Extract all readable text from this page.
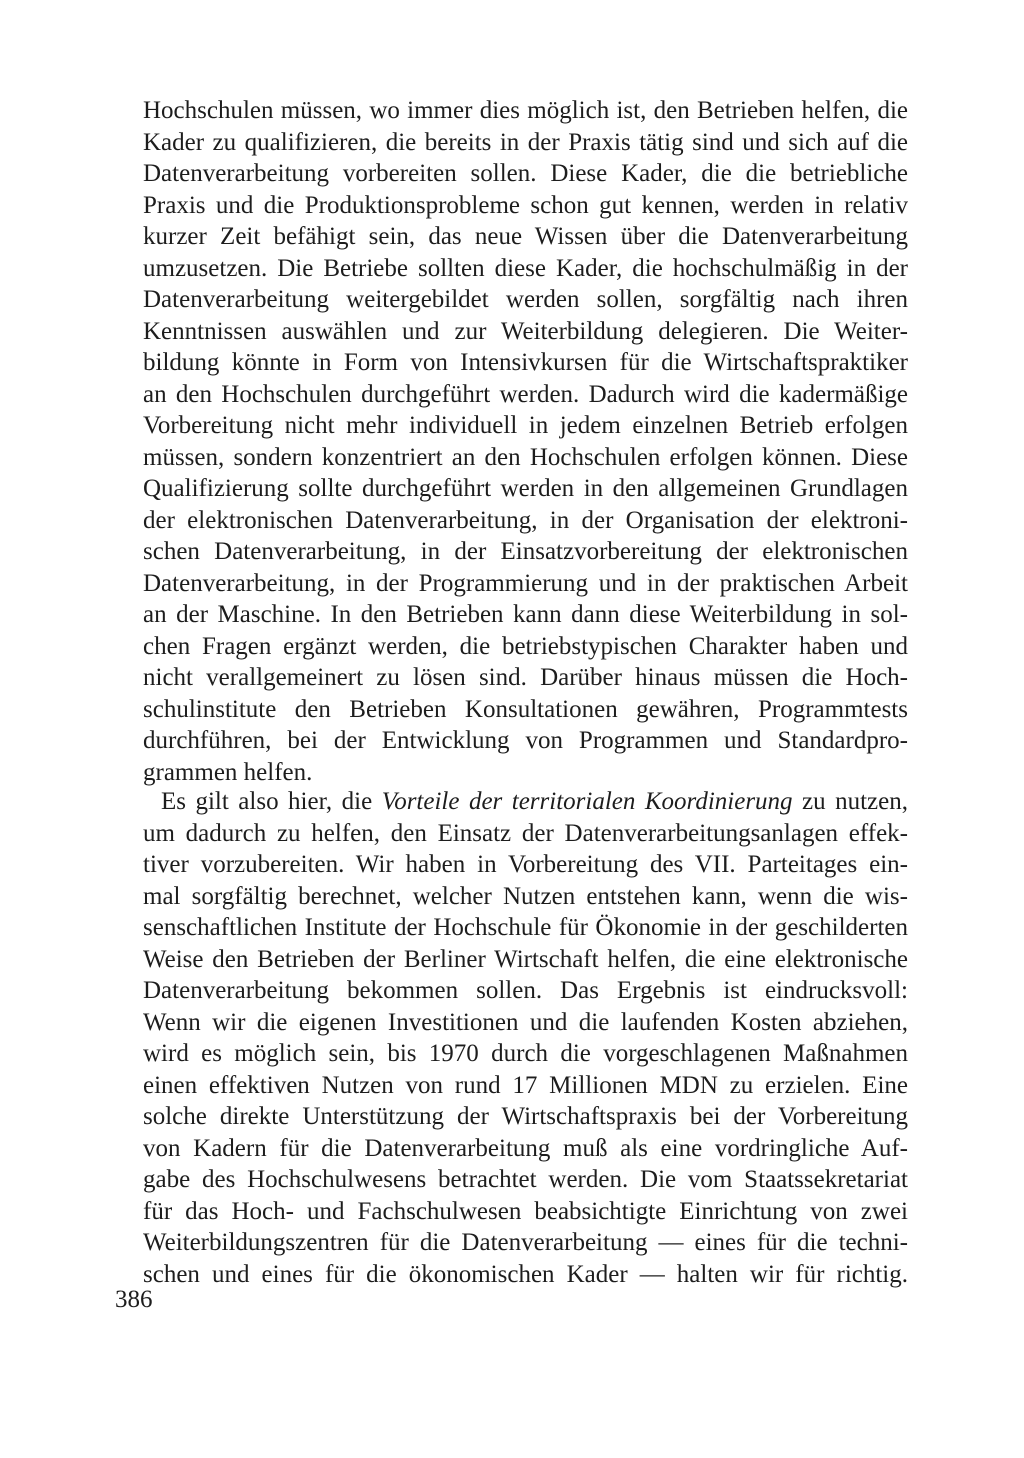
Hochschulen müssen, wo immer dies möglich ist, den Betrieben helfen, die
Kader zu qualifizieren, die bereits in der Praxis tätig sind und sich auf die
Datenverarbeitung vorbereiten sollen. Diese Kader, die die betriebliche
Praxis und die Produktionsprobleme schon gut kennen, werden in relativ
kurzer Zeit befähigt sein, das neue Wissen über die Datenverarbeitung
umzusetzen. Die Betriebe sollten diese Kader, die hochschulmäßig in der
Datenverarbeitung weitergebildet werden sollen, sorgfältig nach ihren
Kenntnissen auswählen und zur Weiterbildung delegieren. Die Weiter-
bildung könnte in Form von Intensivkursen für die Wirtschaftspraktiker
an den Hochschulen durchgeführt werden. Dadurch wird die kadermäßige
Vorbereitung nicht mehr individuell in jedem einzelnen Betrieb erfolgen
müssen, sondern konzentriert an den Hochschulen erfolgen können. Diese
Qualifizierung sollte durchgeführt werden in den allgemeinen Grundlagen
der elektronischen Datenverarbeitung, in der Organisation der elektroni-
schen Datenverarbeitung, in der Einsatzvorbereitung der elektronischen
Datenverarbeitung, in der Programmierung und in der praktischen Arbeit
an der Maschine. In den Betrieben kann dann diese Weiterbildung in sol-
chen Fragen ergänzt werden, die betriebstypischen Charakter haben und
nicht verallgemeinert zu lösen sind. Darüber hinaus müssen die Hoch-
schulinstitute den Betrieben Konsultationen gewähren, Programmtests
durchführen, bei der Entwicklung von Programmen und Standardpro-
grammen helfen.
Es gilt also hier, die Vorteile der territorialen Koordinierung zu nutzen,
um dadurch zu helfen, den Einsatz der Datenverarbeitungsanlagen effek-
tiver vorzubereiten. Wir haben in Vorbereitung des VII. Parteitages ein-
mal sorgfältig berechnet, welcher Nutzen entstehen kann, wenn die wis-
senschaftlichen Institute der Hochschule für Ökonomie in der geschilderten
Weise den Betrieben der Berliner Wirtschaft helfen, die eine elektronische
Datenverarbeitung bekommen sollen. Das Ergebnis ist eindrucksvoll:
Wenn wir die eigenen Investitionen und die laufenden Kosten abziehen,
wird es möglich sein, bis 1970 durch die vorgeschlagenen Maßnahmen
einen effektiven Nutzen von rund 17 Millionen MDN zu erzielen. Eine
solche direkte Unterstützung der Wirtschaftspraxis bei der Vorbereitung
von Kadern für die Datenverarbeitung muß als eine vordringliche Auf-
gabe des Hochschulwesens betrachtet werden. Die vom Staatssekretariat
für das Hoch- und Fachschulwesen beabsichtigte Einrichtung von zwei
Weiterbildungszentren für die Datenverarbeitung — eines für die techni-
schen und eines für die ökonomischen Kader — halten wir für richtig.
386
